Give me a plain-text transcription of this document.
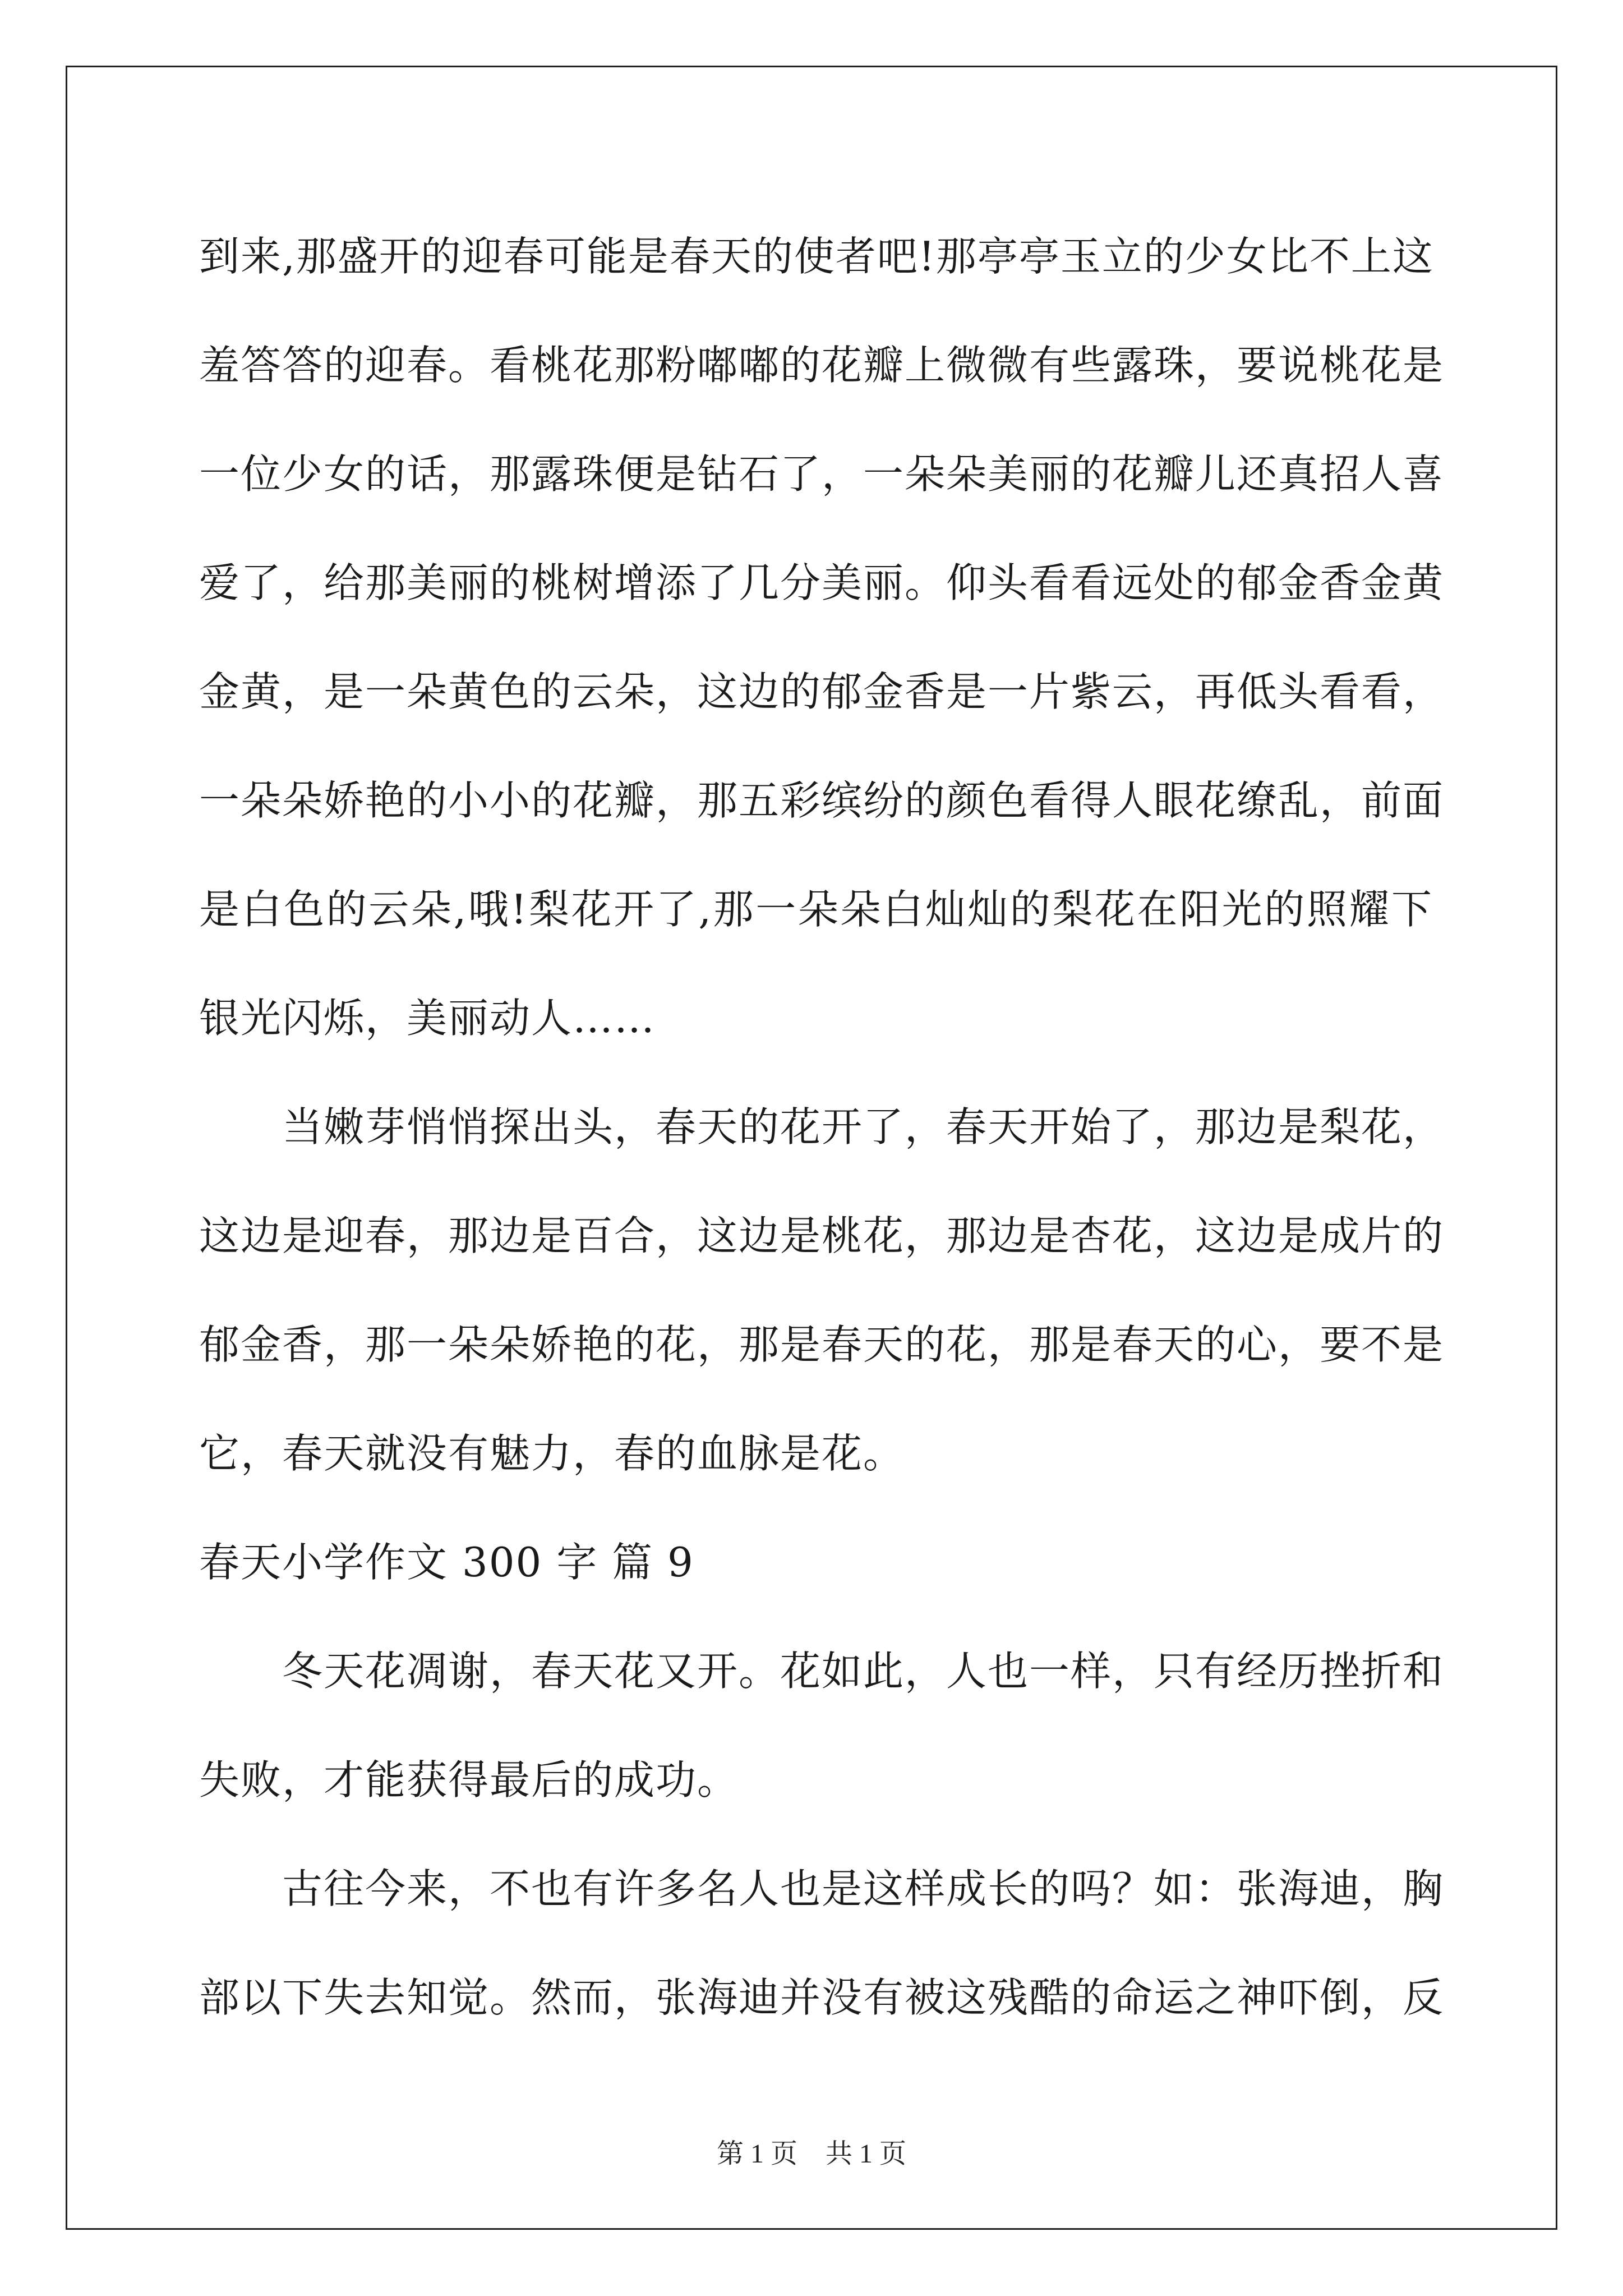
到来,那盛开的迎春可能是春天的使者吧!那亭亭玉立的少女比不上这
羞答答的迎春。看桃花那粉嘟嘟的花瓣上微微有些露珠，要说桃花是
一位少女的话，那露珠便是钻石了，一朵朵美丽的花瓣儿还真招人喜
爱了，给那美丽的桃树增添了几分美丽。仰头看看远处的郁金香金黄
金黄，是一朵黄色的云朵，这边的郁金香是一片紫云，再低头看看，
一朵朵娇艳的小小的花瓣，那五彩缤纷的颜色看得人眼花缭乱，前面
是白色的云朵,哦!梨花开了,那一朵朵白灿灿的梨花在阳光的照耀下
银光闪烁，美丽动人……
当嫩芽悄悄探出头，春天的花开了，春天开始了，那边是梨花，
这边是迎春，那边是百合，这边是桃花，那边是杏花，这边是成片的
郁金香，那一朵朵娇艳的花，那是春天的花，那是春天的心，要不是
它，春天就没有魅力，春的血脉是花。
春天小学作文 300 字 篇 9
冬天花凋谢，春天花又开。花如此，人也一样，只有经历挫折和
失败，才能获得最后的成功。
古往今来，不也有许多名人也是这样成长的吗？如：张海迪，胸
部以下失去知觉。然而，张海迪并没有被这残酷的命运之神吓倒，反
第 1 页 共 1 页
